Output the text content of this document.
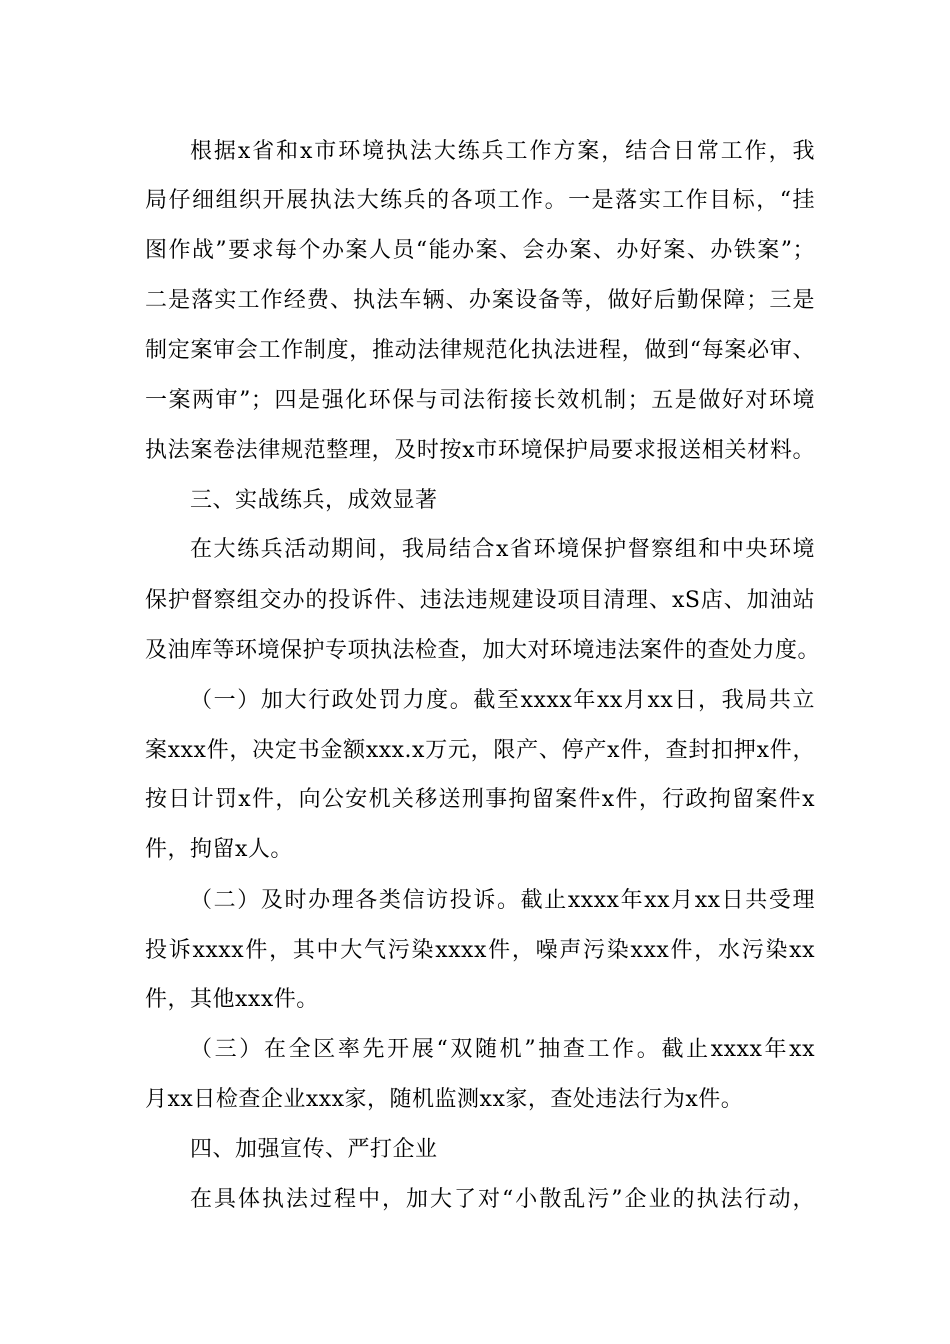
根据x省和x市环境执法大练兵工作方案，结合日常工作，我
局仔细组织开展执法大练兵的各项工作。一是落实工作目标，“挂
图作战”要求每个办案人员“能办案、会办案、办好案、办铁案”；
二是落实工作经费、执法车辆、办案设备等，做好后勤保障；三是
制定案审会工作制度，推动法律规范化执法进程，做到“每案必审、
一案两审”；四是强化环保与司法衔接长效机制；五是做好对环境
执法案卷法律规范整理，及时按x市环境保护局要求报送相关材料。
三、实战练兵，成效显著
在大练兵活动期间，我局结合x省环境保护督察组和中央环境
保护督察组交办的投诉件、违法违规建设项目清理、xS店、加油站
及油库等环境保护专项执法检查，加大对环境违法案件的查处力度。
（一）加大行政处罚力度。截至xxxx年xx月xx日，我局共立
案xxx件，决定书金额xxx.x万元，限产、停产x件，查封扣押x件，
按日计罚x件，向公安机关移送刑事拘留案件x件，行政拘留案件x
件，拘留x人。
（二）及时办理各类信访投诉。截止xxxx年xx月xx日共受理
投诉xxxx件，其中大气污染xxxx件，噪声污染xxx件，水污染xx
件，其他xxx件。
（三）在全区率先开展“双随机”抽查工作。截止xxxx年xx
月xx日检查企业xxx家，随机监测xx家，查处违法行为x件。
四、加强宣传、严打企业
在具体执法过程中，加大了对“小散乱污”企业的执法行动，
